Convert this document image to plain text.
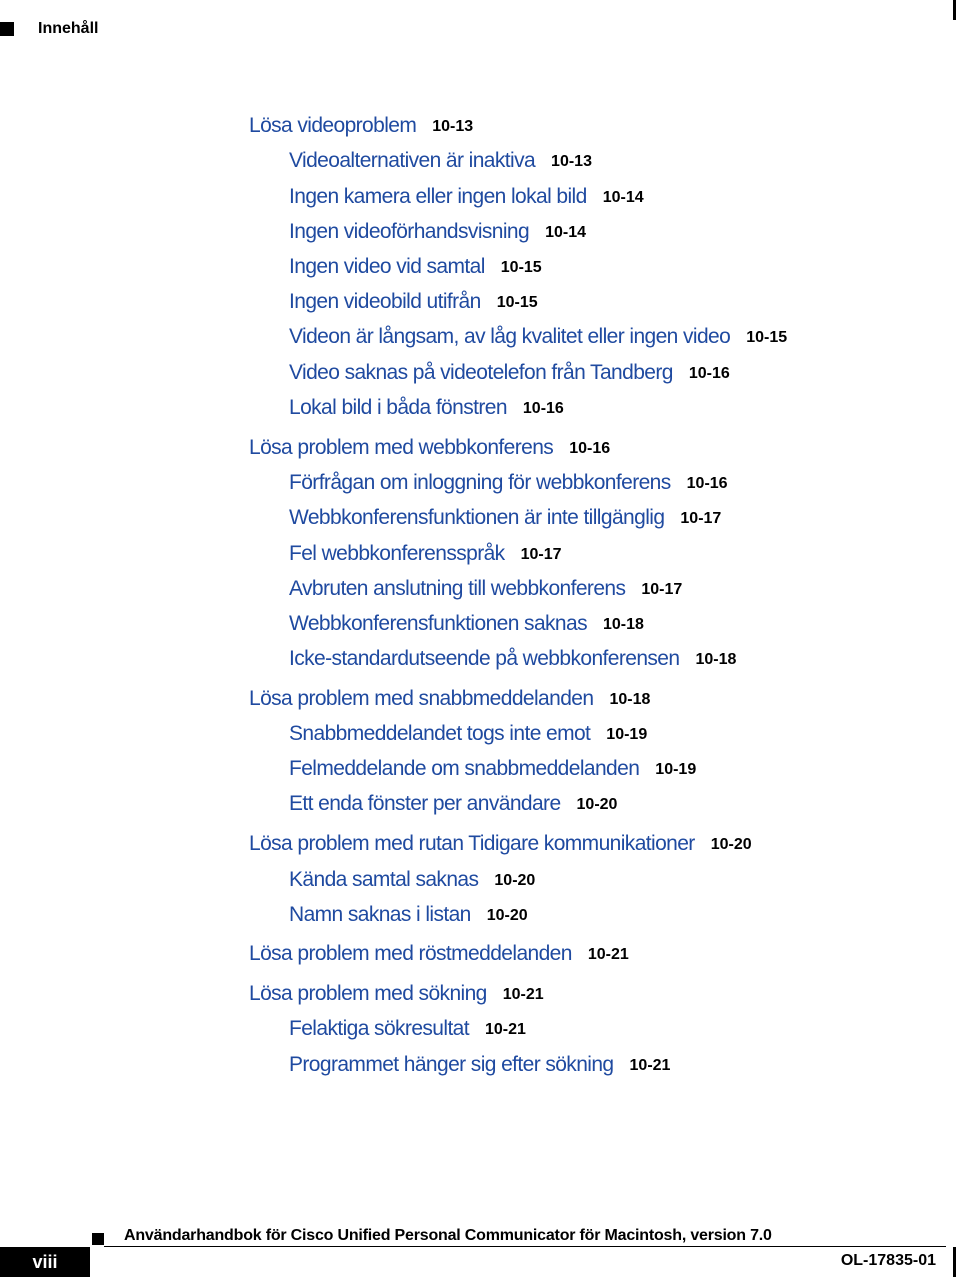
Innehåll
Lösa videoproblem 10-13
Videoalternativen är inaktiva 10-13
Ingen kamera eller ingen lokal bild 10-14
Ingen videoförhandsvisning 10-14
Ingen video vid samtal 10-15
Ingen videobild utifrån 10-15
Videon är långsam, av låg kvalitet eller ingen video 10-15
Video saknas på videotelefon från Tandberg 10-16
Lokal bild i båda fönstren 10-16
Lösa problem med webbkonferens 10-16
Förfrågan om inloggning för webbkonferens 10-16
Webbkonferensfunktionen är inte tillgänglig 10-17
Fel webbkonferensspråk 10-17
Avbruten anslutning till webbkonferens 10-17
Webbkonferensfunktionen saknas 10-18
Icke-standardutseende på webbkonferensen 10-18
Lösa problem med snabbmeddelanden 10-18
Snabbmeddelandet togs inte emot 10-19
Felmeddelande om snabbmeddelanden 10-19
Ett enda fönster per användare 10-20
Lösa problem med rutan Tidigare kommunikationer 10-20
Kända samtal saknas 10-20
Namn saknas i listan 10-20
Lösa problem med röstmeddelanden 10-21
Lösa problem med sökning 10-21
Felaktiga sökresultat 10-21
Programmet hänger sig efter sökning 10-21
Användarhandbok för Cisco Unified Personal Communicator för Macintosh, version 7.0
viii	OL-17835-01
